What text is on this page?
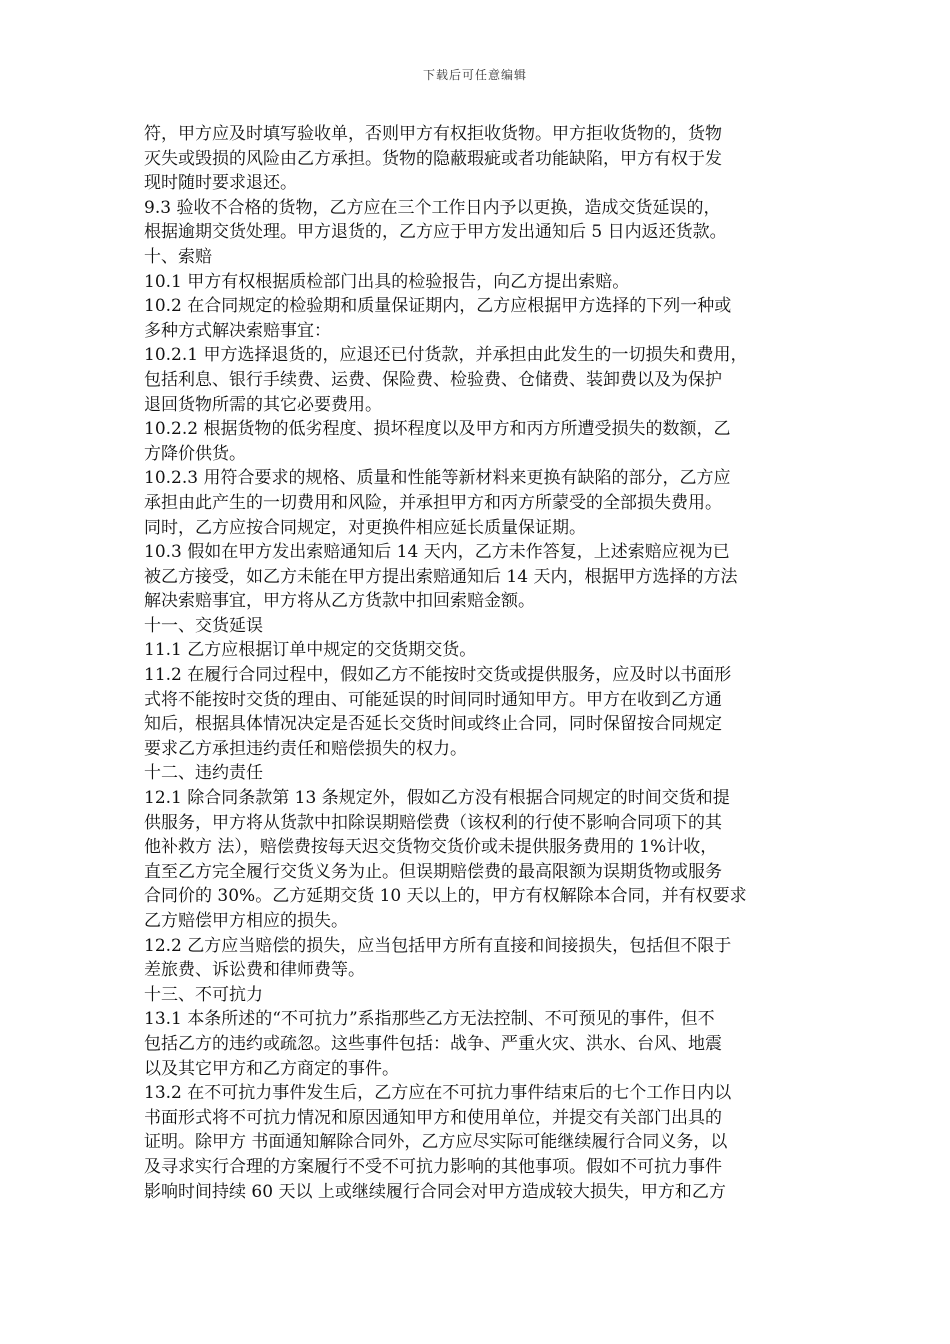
下载后可任意编辑
符，甲方应及时填写验收单，否则甲方有权拒收货物。甲方拒收货物的，货物
灭失或毁损的风险由乙方承担。货物的隐蔽瑕疵或者功能缺陷，甲方有权于发
现时随时要求退还。
9.3 验收不合格的货物，乙方应在三个工作日内予以更换，造成交货延误的，
根据逾期交货处理。甲方退货的，乙方应于甲方发出通知后 5 日内返还货款。
十、索赔
10.1 甲方有权根据质检部门出具的检验报告，向乙方提出索赔。
10.2 在合同规定的检验期和质量保证期内，乙方应根据甲方选择的下列一种或
多种方式解决索赔事宜：
10.2.1 甲方选择退货的，应退还已付货款，并承担由此发生的一切损失和费用，
包括利息、银行手续费、运费、保险费、检验费、仓储费、装卸费以及为保护
退回货物所需的其它必要费用。
10.2.2 根据货物的低劣程度、损坏程度以及甲方和丙方所遭受损失的数额，乙
方降价供货。
10.2.3 用符合要求的规格、质量和性能等新材料来更换有缺陷的部分，乙方应
承担由此产生的一切费用和风险，并承担甲方和丙方所蒙受的全部损失费用。
同时，乙方应按合同规定，对更换件相应延长质量保证期。
10.3 假如在甲方发出索赔通知后 14 天内，乙方未作答复，上述索赔应视为已
被乙方接受，如乙方未能在甲方提出索赔通知后 14 天内，根据甲方选择的方法
解决索赔事宜，甲方将从乙方货款中扣回索赔金额。
十一、交货延误
11.1 乙方应根据订单中规定的交货期交货。
11.2 在履行合同过程中，假如乙方不能按时交货或提供服务，应及时以书面形
式将不能按时交货的理由、可能延误的时间同时通知甲方。甲方在收到乙方通
知后，根据具体情况决定是否延长交货时间或终止合同，同时保留按合同规定
要求乙方承担违约责任和赔偿损失的权力。
十二、违约责任
12.1 除合同条款第 13 条规定外，假如乙方没有根据合同规定的时间交货和提
供服务，甲方将从货款中扣除误期赔偿费（该权利的行使不影响合同项下的其
他补救方 法），赔偿费按每天迟交货物交货价或未提供服务费用的 1%计收，
直至乙方完全履行交货义务为止。但误期赔偿费的最高限额为误期货物或服务
合同价的 30%。乙方延期交货 10 天以上的，甲方有权解除本合同，并有权要求
乙方赔偿甲方相应的损失。
12.2 乙方应当赔偿的损失，应当包括甲方所有直接和间接损失，包括但不限于
差旅费、诉讼费和律师费等。
十三、不可抗力
13.1 本条所述的“不可抗力”系指那些乙方无法控制、不可预见的事件，但不
包括乙方的违约或疏忽。这些事件包括：战争、严重火灾、洪水、台风、地震
以及其它甲方和乙方商定的事件。
13.2 在不可抗力事件发生后，乙方应在不可抗力事件结束后的七个工作日内以
书面形式将不可抗力情况和原因通知甲方和使用单位，并提交有关部门出具的
证明。除甲方 书面通知解除合同外，乙方应尽实际可能继续履行合同义务，以
及寻求实行合理的方案履行不受不可抗力影响的其他事项。假如不可抗力事件
影响时间持续 60 天以 上或继续履行合同会对甲方造成较大损失，甲方和乙方
